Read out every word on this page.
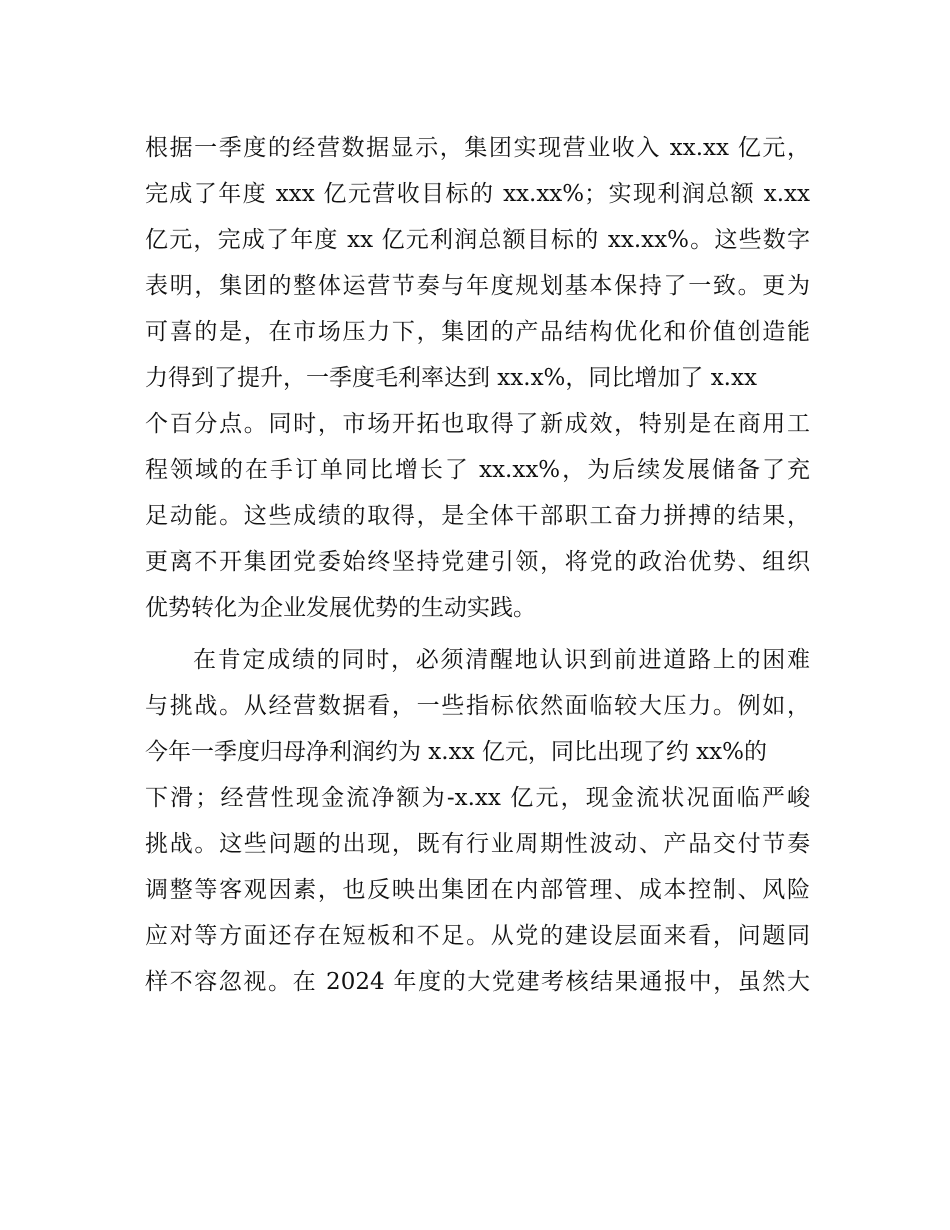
根据一季度的经营数据显示，集团实现营业收入 xx.xx 亿元，
完成了年度 xxx 亿元营收目标的 xx.xx%；实现利润总额 x.xx
亿元，完成了年度 xx 亿元利润总额目标的 xx.xx%。这些数字
表明，集团的整体运营节奏与年度规划基本保持了一致。更为
可喜的是，在市场压力下，集团的产品结构优化和价值创造能
力得到了提升，一季度毛利率达到 xx.x%，同比增加了 x.xx
个百分点。同时，市场开拓也取得了新成效，特别是在商用工
程领域的在手订单同比增长了 xx.xx%，为后续发展储备了充
足动能。这些成绩的取得，是全体干部职工奋力拼搏的结果，
更离不开集团党委始终坚持党建引领，将党的政治优势、组织
优势转化为企业发展优势的生动实践。
在肯定成绩的同时，必须清醒地认识到前进道路上的困难
与挑战。从经营数据看，一些指标依然面临较大压力。例如，
今年一季度归母净利润约为 x.xx 亿元，同比出现了约 xx%的
下滑；经营性现金流净额为-x.xx 亿元，现金流状况面临严峻
挑战。这些问题的出现，既有行业周期性波动、产品交付节奏
调整等客观因素，也反映出集团在内部管理、成本控制、风险
应对等方面还存在短板和不足。从党的建设层面来看，问题同
样不容忽视。在 2024 年度的大党建考核结果通报中，虽然大
